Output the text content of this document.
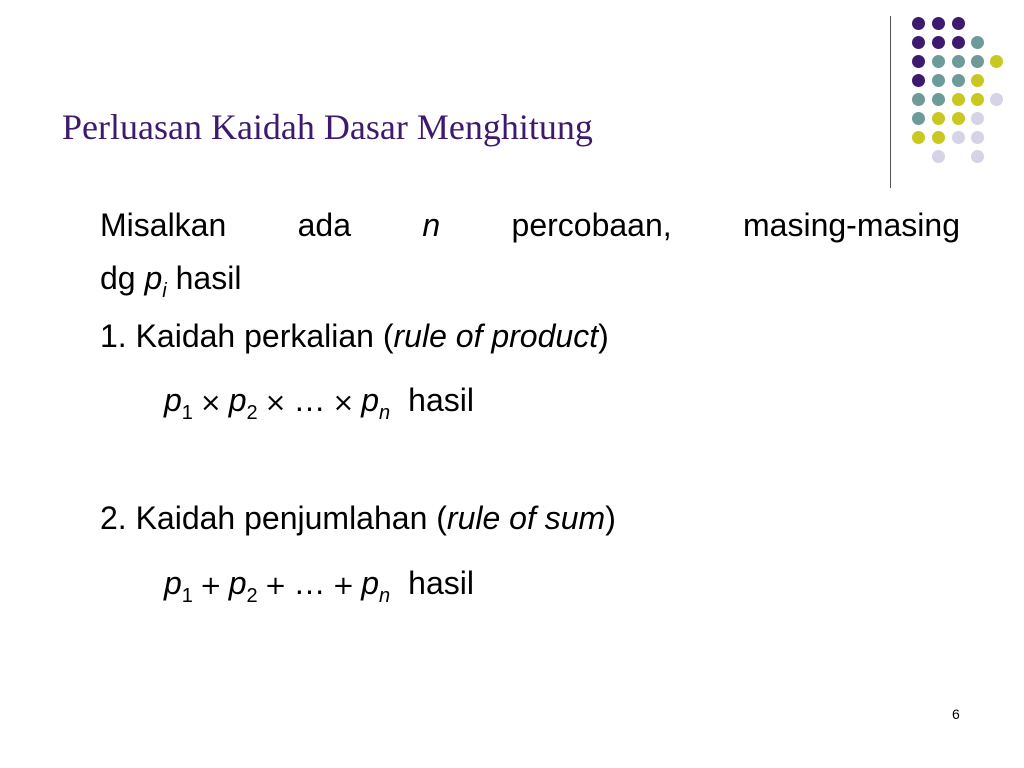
Perluasan Kaidah Dasar Menghitung
Misalkan ada n percobaan, masing-masing
dg $p_i$ hasil
1. Kaidah perkalian (rule of product)
$p_1 \times p_2$ × … × $p_n$ hasil
2. Kaidah penjumlahan (rule of sum)
$p_1 + p_2$ + … + $p_n$ hasil
6
